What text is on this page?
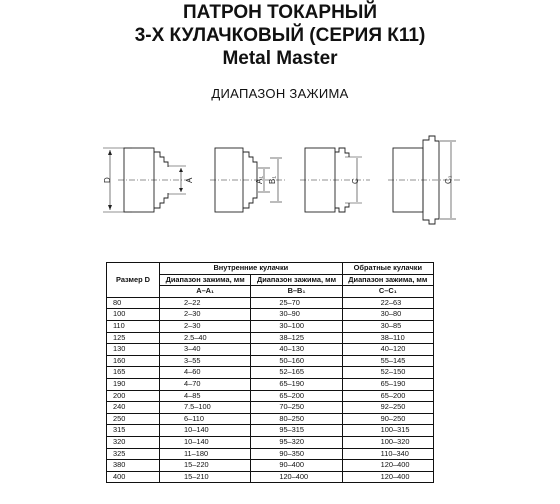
ПАТРОН ТОКАРНЫЙ
3-Х КУЛАЧКОВЫЙ (СЕРИЯ К11)
Metal Master
ДИАПАЗОН ЗАЖИМА
D	A	A₁ B₁	C	C₁
Размер D	Внутренние кулачки		Обратные кулачки
	Диапазон зажима, мм	Диапазон зажима, мм	Диапазон зажима, мм
	A–A₁	B–B₁	C–C₁
80	2–22	25–70	22–63
100	2–30	30–90	30–80
110	2–30	30–100	30–85
125	2.5–40	38–125	38–110
130	3–40	40–130	40–120
160	3–55	50–160	55–145
165	4–60	52–165	52–150
190	4–70	65–190	65–190
200	4–85	65–200	65–200
240	7.5–100	70–250	92–250
250	6–110	80–250	90–250
315	10–140	95–315	100–315
320	10–140	95–320	100–320
325	11–180	90–350	110–340
380	15–220	90–400	120–400
400	15–210	120–400	120–400
